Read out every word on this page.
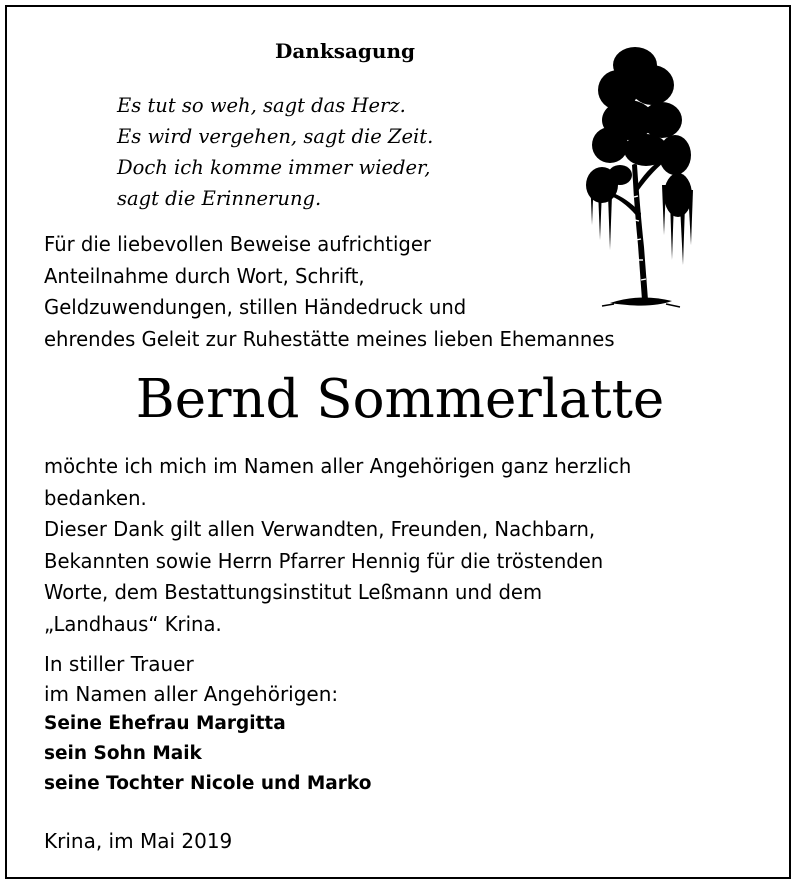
Danksagung
Es tut so weh, sagt das Herz.
Es wird vergehen, sagt die Zeit.
Doch ich komme immer wieder,
sagt die Erinnerung.
Für die liebevollen Beweise aufrichtiger
Anteilnahme durch Wort, Schrift,
Geldzuwendungen, stillen Händedruck und
ehrendes Geleit zur Ruhestätte meines lieben Ehemannes
Bernd Sommerlatte
möchte ich mich im Namen aller Angehörigen ganz herzlich
bedanken.
Dieser Dank gilt allen Verwandten, Freunden, Nachbarn,
Bekannten sowie Herrn Pfarrer Hennig für die tröstenden
Worte, dem Bestattungsinstitut Leßmann und dem
„Landhaus“ Krina.
In stiller Trauer
im Namen aller Angehörigen:
Seine Ehefrau Margitta
sein Sohn Maik
seine Tochter Nicole und Marko
Krina, im Mai 2019
